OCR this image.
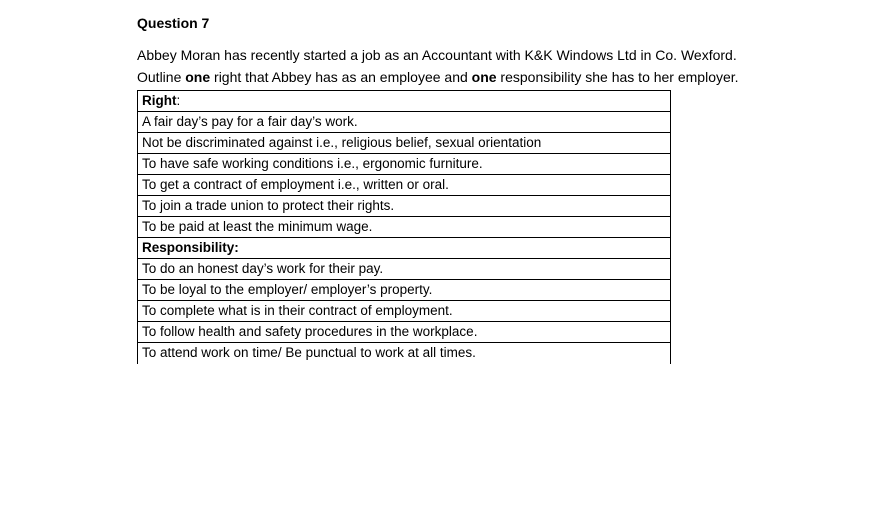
Question 7

Abbey Moran has recently started a job as an Accountant with K&K Windows Ltd in Co. Wexford.

Outline one right that Abbey has as an employee and one responsibility she has to her employer.

Right:
A fair day’s pay for a fair day’s work.
Not be discriminated against i.e., religious belief, sexual orientation
To have safe working conditions i.e., ergonomic furniture.
To get a contract of employment i.e., written or oral.
To join a trade union to protect their rights.
To be paid at least the minimum wage.
Responsibility:
To do an honest day’s work for their pay.
To be loyal to the employer/ employer’s property.
To complete what is in their contract of employment.
To follow health and safety procedures in the workplace.
To attend work on time/ Be punctual to work at all times.
